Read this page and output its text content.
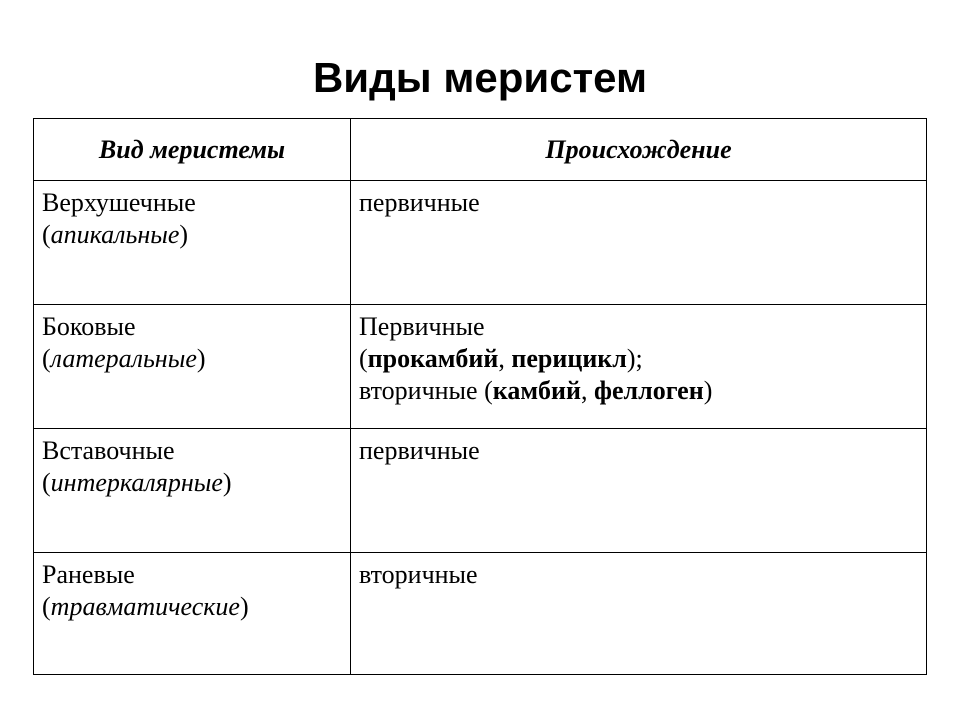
Виды меристем
Вид меристемы	Происхождение

Верхушечные
(апикальные)	первичные

Боковые
(латеральные)	Первичные
(прокамбий, перицикл);
вторичные (камбий, феллоген)

Вставочные
(интеркалярные)	первичные

Раневые
(травматические)	вторичные
